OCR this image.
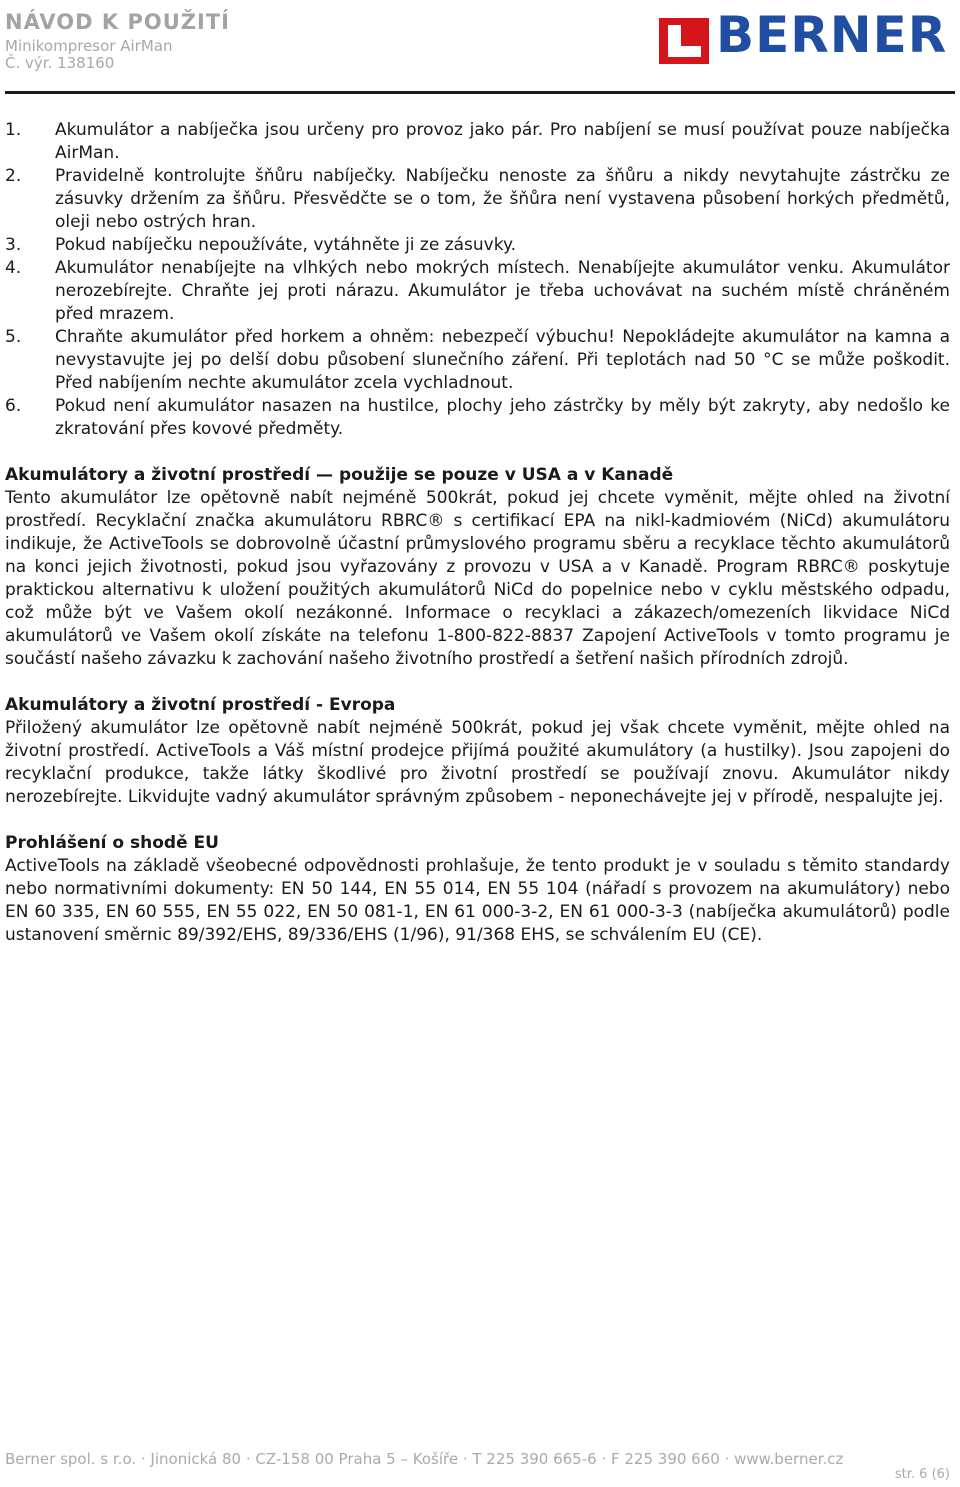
NÁVOD K POUŽITÍ
Minikompresor AirMan
Č. výr. 138160	BERNER
1. Akumulátor a nabíječka jsou určeny pro provoz jako pár. Pro nabíjení se musí používat pouze nabíječka AirMan.
2. Pravidelně kontrolujte šňůru nabíječky. Nabíječku nenoste za šňůru a nikdy nevytahujte zástrčku ze zásuvky držením za šňůru. Přesvědčte se o tom, že šňůra není vystavena působení horkých předmětů, oleji nebo ostrých hran.
3. Pokud nabíječku nepoužíváte, vytáhněte ji ze zásuvky.
4. Akumulátor nenabíjejte na vlhkých nebo mokrých místech. Nenabíjejte akumulátor venku. Akumulátor nerozebírejte. Chraňte jej proti nárazu. Akumulátor je třeba uchovávat na suchém místě chráněném před mrazem.
5. Chraňte akumulátor před horkem a ohněm: nebezpečí výbuchu! Nepokládejte akumulátor na kamna a nevystavujte jej po delší dobu působení slunečního záření. Při teplotách nad 50 °C se může poškodit. Před nabíjením nechte akumulátor zcela vychladnout.
6. Pokud není akumulátor nasazen na hustilce, plochy jeho zástrčky by měly být zakryty, aby nedošlo ke zkratování přes kovové předměty.
Akumulátory a životní prostředí — použije se pouze v USA a v Kanadě

Tento akumulátor lze opětovně nabít nejméně 500krát, pokud jej chcete vyměnit, mějte ohled na životní prostředí. Recyklační značka akumulátoru RBRC® s certifikací EPA na nikl-kadmiovém (NiCd) akumulátoru indikuje, že ActiveTools se dobrovolně účastní průmyslového programu sběru a recyklace těchto akumulátorů na konci jejich životnosti, pokud jsou vyřazovány z provozu v USA a v Kanadě. Program RBRC® poskytuje praktickou alternativu k uložení použitých akumulátorů NiCd do popelnice nebo v cyklu městského odpadu, což může být ve Vašem okolí nezákonné. Informace o recyklaci a zákazech/omezeních likvidace NiCd akumulátorů ve Vašem okolí získáte na telefonu 1-800-822-8837 Zapojení ActiveTools v tomto programu je součástí našeho závazku k zachování našeho životního prostředí a šetření našich přírodních zdrojů.

Akumulátory a životní prostředí - Evropa

Přiložený akumulátor lze opětovně nabít nejméně 500krát, pokud jej však chcete vyměnit, mějte ohled na životní prostředí. ActiveTools a Váš místní prodejce přijímá použité akumulátory (a hustilky). Jsou zapojeni do recyklační produkce, takže látky škodlivé pro životní prostředí se používají znovu. Akumulátor nikdy nerozebírejte. Likvidujte vadný akumulátor správným způsobem - neponechávejte jej v přírodě, nespalujte jej.

Prohlášení o shodě EU

ActiveTools na základě všeobecné odpovědnosti prohlašuje, že tento produkt je v souladu s těmito standardy nebo normativními dokumenty: EN 50 144, EN 55 014, EN 55 104 (nářadí s provozem na akumulátory) nebo EN 60 335, EN 60 555, EN 55 022, EN 50 081-1, EN 61 000-3-2, EN 61 000-3-3 (nabíječka akumulátorů) podle ustanovení směrnic 89/392/EHS, 89/336/EHS (1/96), 91/368 EHS, se schválením EU (CE).

Berner spol. s r.o. · Jinonická 80 · CZ-158 00 Praha 5 – Košíře · T 225 390 665-6 · F 225 390 660 · www.berner.cz
str. 6 (6)
